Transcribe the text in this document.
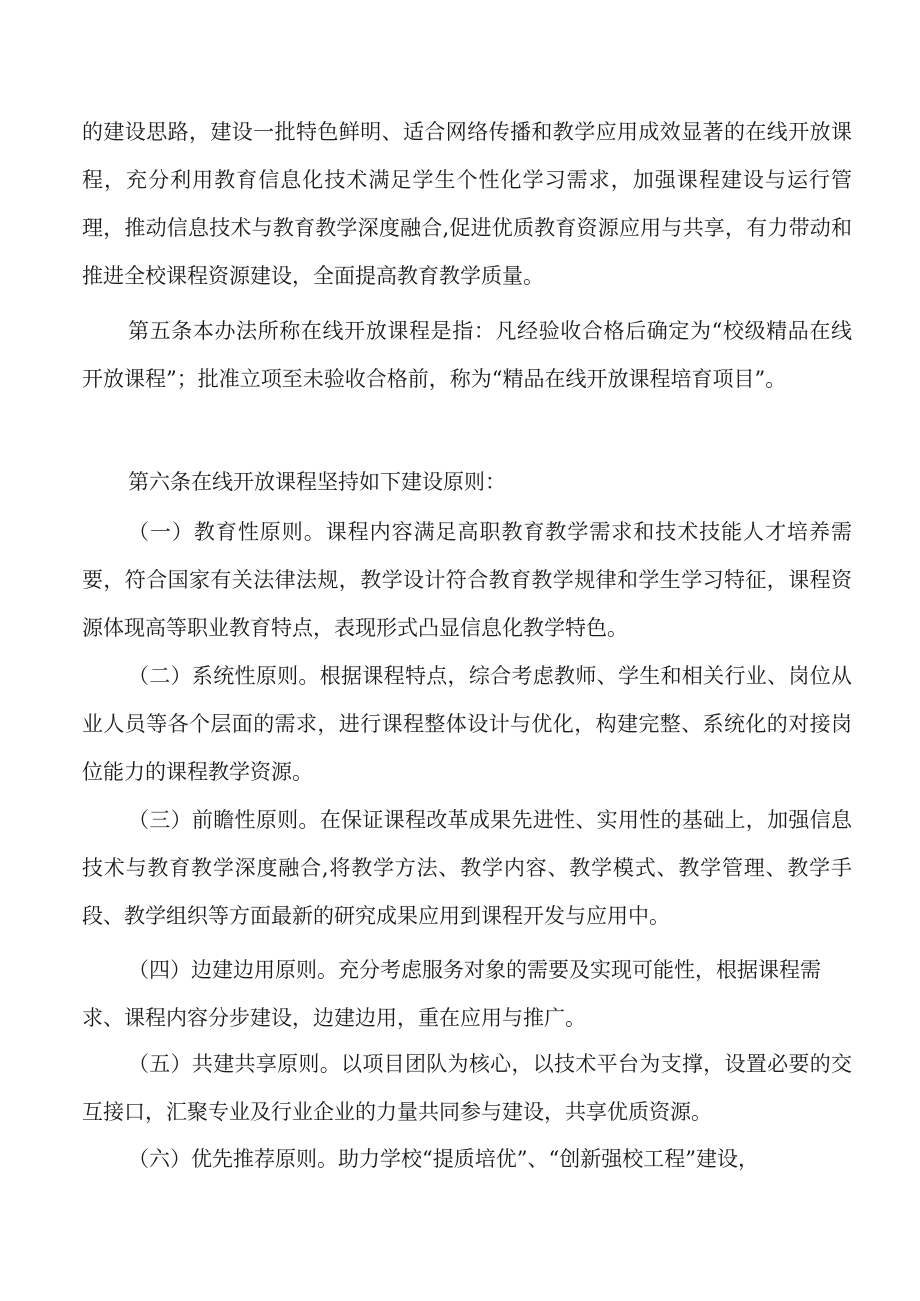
的建设思路，建设一批特色鲜明、适合网络传播和教学应用成效显著的在线开放课程，充分利用教育信息化技术满足学生个性化学习需求，加强课程建设与运行管理，推动信息技术与教育教学深度融合,促进优质教育资源应用与共享，有力带动和推进全校课程资源建设，全面提高教育教学质量。

第五条本办法所称在线开放课程是指：凡经验收合格后确定为“校级精品在线开放课程”；批准立项至未验收合格前，称为“精品在线开放课程培育项目”。

第六条在线开放课程坚持如下建设原则：

（一）教育性原则。课程内容满足高职教育教学需求和技术技能人才培养需要，符合国家有关法律法规，教学设计符合教育教学规律和学生学习特征，课程资源体现高等职业教育特点，表现形式凸显信息化教学特色。

（二）系统性原则。根据课程特点，综合考虑教师、学生和相关行业、岗位从业人员等各个层面的需求，进行课程整体设计与优化，构建完整、系统化的对接岗位能力的课程教学资源。

（三）前瞻性原则。在保证课程改革成果先进性、实用性的基础上，加强信息技术与教育教学深度融合,将教学方法、教学内容、教学模式、教学管理、教学手段、教学组织等方面最新的研究成果应用到课程开发与应用中。

（四）边建边用原则。充分考虑服务对象的需要及实现可能性，根据课程需求、课程内容分步建设，边建边用，重在应用与推广。

（五）共建共享原则。以项目团队为核心，以技术平台为支撑，设置必要的交互接口，汇聚专业及行业企业的力量共同参与建设，共享优质资源。

（六）优先推荐原则。助力学校“提质培优”、“创新强校工程”建设，
